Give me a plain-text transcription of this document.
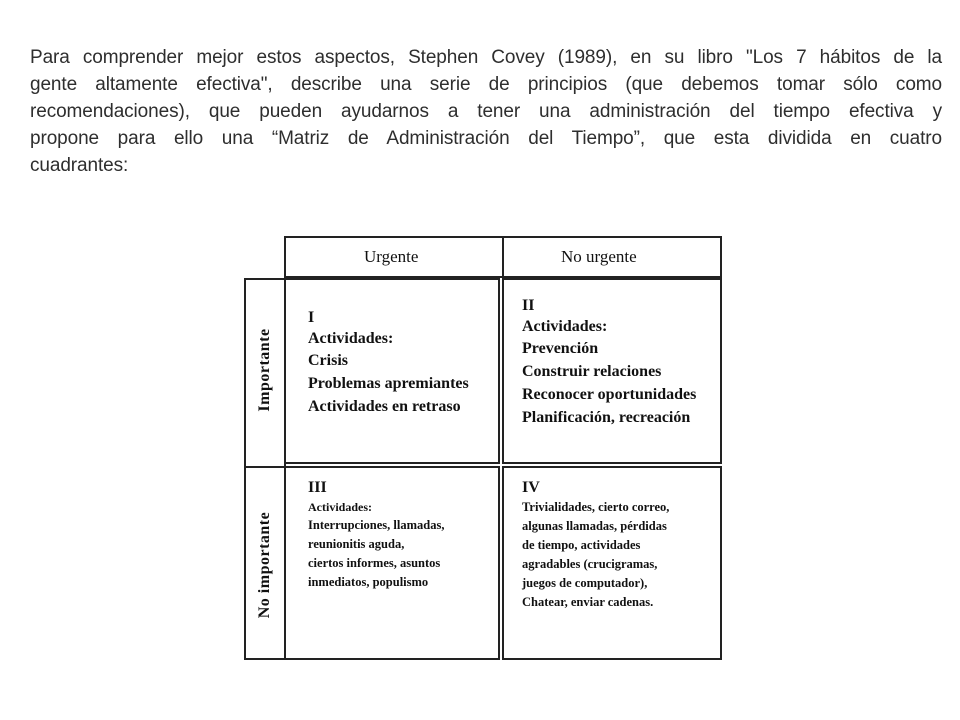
Para comprender mejor estos aspectos, Stephen Covey (1989), en su libro "Los 7 hábitos de la
gente altamente efectiva", describe una serie de principios (que debemos tomar sólo como
recomendaciones), que pueden ayudarnos a tener una administración del tiempo efectiva y
propone para ello una “Matriz de Administración del Tiempo”, que esta dividida en cuatro
cuadrantes:

Urgente	No urgente
Importante
No importante
I
Actividades:
Crisis
Problemas apremiantes
Actividades en retraso
II
Actividades:
Prevención
Construir relaciones
Reconocer oportunidades
Planificación, recreación
III
Actividades:
Interrupciones, llamadas,
reunionitis aguda,
ciertos informes, asuntos
inmediatos, populismo
IV
Trivialidades, cierto correo,
algunas llamadas, pérdidas
de tiempo, actividades
agradables (crucigramas,
juegos de computador),
Chatear, enviar cadenas.
